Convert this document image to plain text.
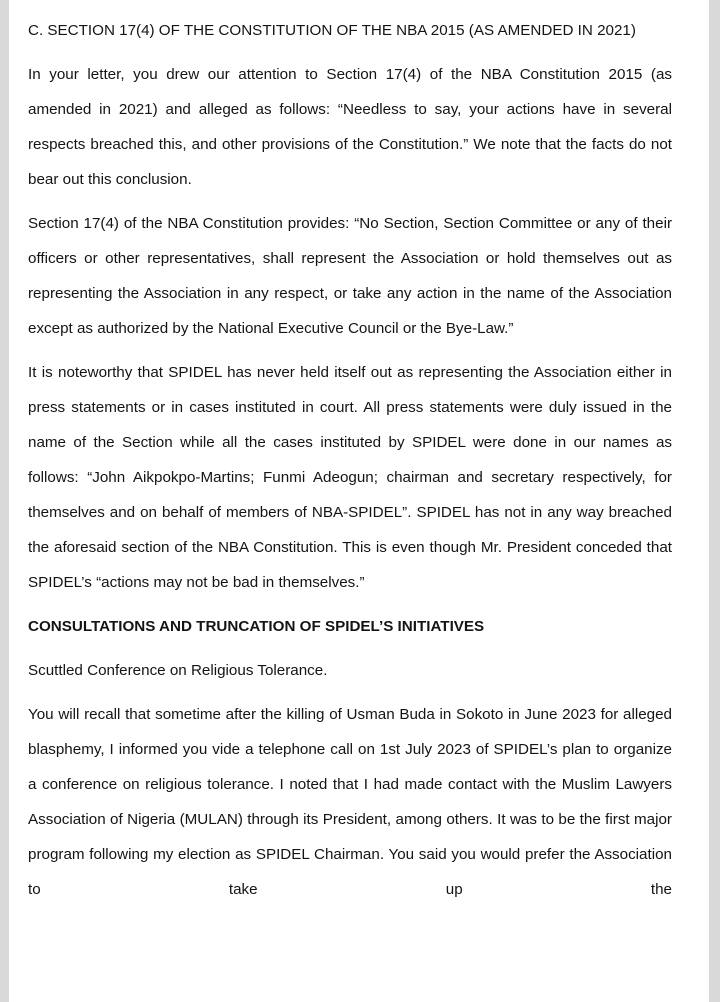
C. SECTION 17(4) OF THE CONSTITUTION OF THE NBA 2015 (AS AMENDED IN 2021)
In your letter, you drew our attention to Section 17(4) of the NBA Constitution 2015 (as amended in 2021) and alleged as follows: “Needless to say, your actions have in several respects breached this, and other provisions of the Constitution.” We note that the facts do not bear out this conclusion.
Section 17(4) of the NBA Constitution provides: “No Section, Section Committee or any of their officers or other representatives, shall represent the Association or hold themselves out as representing the Association in any respect, or take any action in the name of the Association except as authorized by the National Executive Council or the Bye-Law.”
It is noteworthy that SPIDEL has never held itself out as representing the Association either in press statements or in cases instituted in court. All press statements were duly issued in the name of the Section while all the cases instituted by SPIDEL were done in our names as follows: “John Aikpokpo-Martins; Funmi Adeogun; chairman and secretary respectively, for themselves and on behalf of members of NBA-SPIDEL”. SPIDEL has not in any way breached the aforesaid section of the NBA Constitution. This is even though Mr. President conceded that SPIDEL’s “actions may not be bad in themselves.”
CONSULTATIONS AND TRUNCATION OF SPIDEL’S INITIATIVES
Scuttled Conference on Religious Tolerance.
You will recall that sometime after the killing of Usman Buda in Sokoto in June 2023 for alleged blasphemy, I informed you vide a telephone call on 1st July 2023 of SPIDEL’s plan to organize a conference on religious tolerance. I noted that I had made contact with the Muslim Lawyers Association of Nigeria (MULAN) through its President, among others. It was to be the first major program following my election as SPIDEL Chairman. You said you would prefer the Association to take up the
